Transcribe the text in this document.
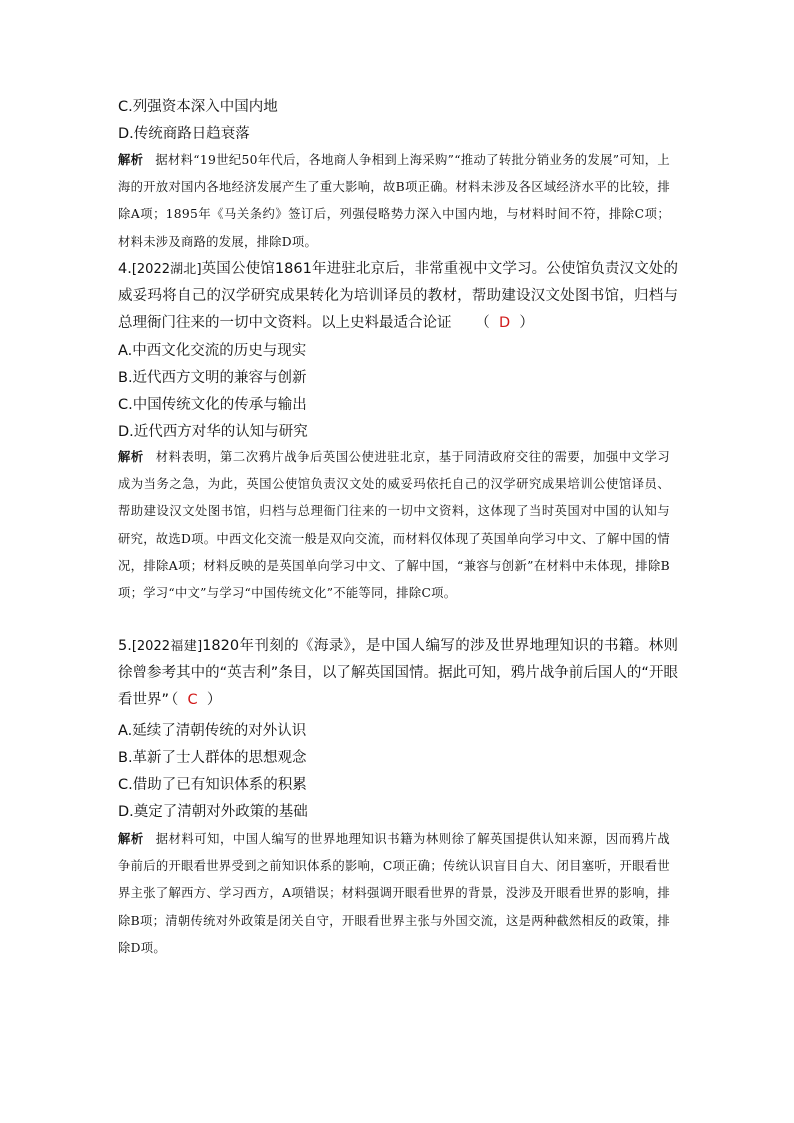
C.列强资本深入中国内地
D.传统商路日趋衰落
解析 据材料“19世纪50年代后，各地商人争相到上海采购”“推动了转批分销业务的发展”可知，上海的开放对国内各地经济发展产生了重大影响，故B项正确。材料未涉及各区域经济水平的比较，排除A项；1895年《马关条约》签订后，列强侵略势力深入中国内地，与材料时间不符，排除C项；材料未涉及商路的发展，排除D项。
4.[2022湖北]英国公使馆1861年进驻北京后，非常重视中文学习。公使馆负责汉文处的威妥玛将自己的汉学研究成果转化为培训译员的教材，帮助建设汉文处图书馆，归档与总理衙门往来的一切中文资料。以上史料最适合论证　　 （  D  ）
A.中西文化交流的历史与现实
B.近代西方文明的兼容与创新
C.中国传统文化的传承与输出
D.近代西方对华的认知与研究
解析 材料表明，第二次鸦片战争后英国公使进驻北京，基于同清政府交往的需要，加强中文学习成为当务之急，为此，英国公使馆负责汉文处的威妥玛依托自己的汉学研究成果培训公使馆译员、帮助建设汉文处图书馆，归档与总理衙门往来的一切中文资料，这体现了当时英国对中国的认知与研究，故选D项。中西文化交流一般是双向交流，而材料仅体现了英国单向学习中文、了解中国的情况，排除A项；材料反映的是英国单向学习中文、了解中国，“兼容与创新”在材料中未体现，排除B项；学习“中文”与学习“中国传统文化”不能等同，排除C项。
5.[2022福建]1820年刊刻的《海录》，是中国人编写的涉及世界地理知识的书籍。林则徐曾参考其中的“英吉利”条目，以了解英国国情。据此可知，鸦片战争前后国人的“开眼看世界” （  C  ）
A.延续了清朝传统的对外认识
B.革新了士人群体的思想观念
C.借助了已有知识体系的积累
D.奠定了清朝对外政策的基础
解析 据材料可知，中国人编写的世界地理知识书籍为林则徐了解英国提供认知来源，因而鸦片战争前后的开眼看世界受到之前知识体系的影响，C项正确；传统认识盲目自大、闭目塞听，开眼看世界主张了解西方、学习西方，A项错误；材料强调开眼看世界的背景，没涉及开眼看世界的影响，排除B项；清朝传统对外政策是闭关自守，开眼看世界主张与外国交流，这是两种截然相反的政策，排除D项。
